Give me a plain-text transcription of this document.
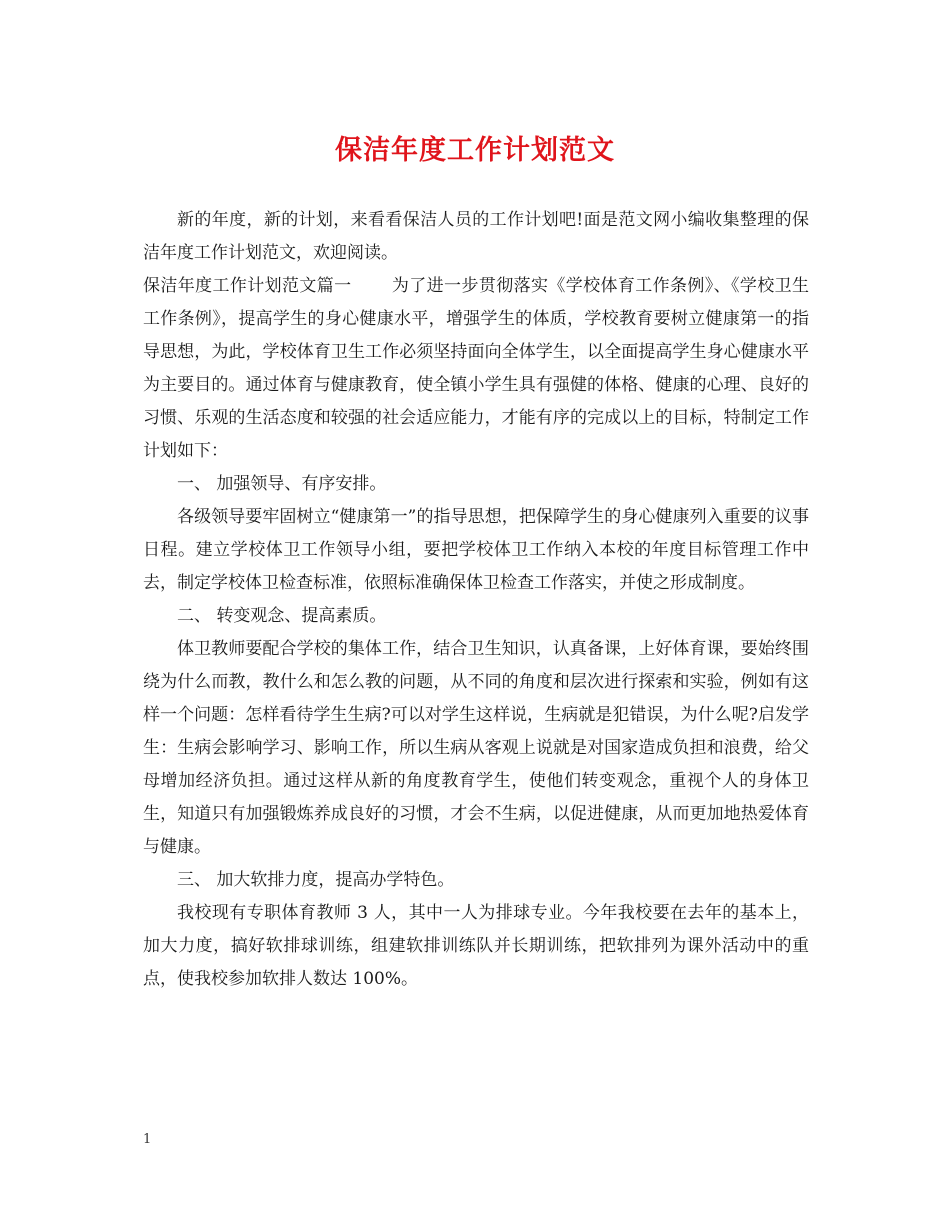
保洁年度工作计划范文

新的年度，新的计划，来看看保洁人员的工作计划吧!面是范文网小编收集整理的保洁年度工作计划范文，欢迎阅读。

保洁年度工作计划范文篇一 为了进一步贯彻落实《学校体育工作条例》、《学校卫生工作条例》，提高学生的身心健康水平，增强学生的体质，学校教育要树立健康第一的指导思想，为此，学校体育卫生工作必须坚持面向全体学生，以全面提高学生身心健康水平为主要目的。通过体育与健康教育，使全镇小学生具有强健的体格、健康的心理、良好的习惯、乐观的生活态度和较强的社会适应能力，才能有序的完成以上的目标，特制定工作计划如下：

一、 加强领导、有序安排。

各级领导要牢固树立“健康第一”的指导思想，把保障学生的身心健康列入重要的议事日程。建立学校体卫工作领导小组，要把学校体卫工作纳入本校的年度目标管理工作中去，制定学校体卫检查标准，依照标准确保体卫检查工作落实，并使之形成制度。

二、 转变观念、提高素质。

体卫教师要配合学校的集体工作，结合卫生知识，认真备课，上好体育课，要始终围绕为什么而教，教什么和怎么教的问题，从不同的角度和层次进行探索和实验，例如有这样一个问题：怎样看待学生生病?可以对学生这样说，生病就是犯错误，为什么呢?启发学生：生病会影响学习、影响工作，所以生病从客观上说就是对国家造成负担和浪费，给父母增加经济负担。通过这样从新的角度教育学生，使他们转变观念，重视个人的身体卫生，知道只有加强锻炼养成良好的习惯，才会不生病，以促进健康，从而更加地热爱体育与健康。

三、 加大软排力度，提高办学特色。

我校现有专职体育教师 3 人，其中一人为排球专业。今年我校要在去年的基本上，加大力度，搞好软排球训练，组建软排训练队并长期训练，把软排列为课外活动中的重点，使我校参加软排人数达 100%。

1
